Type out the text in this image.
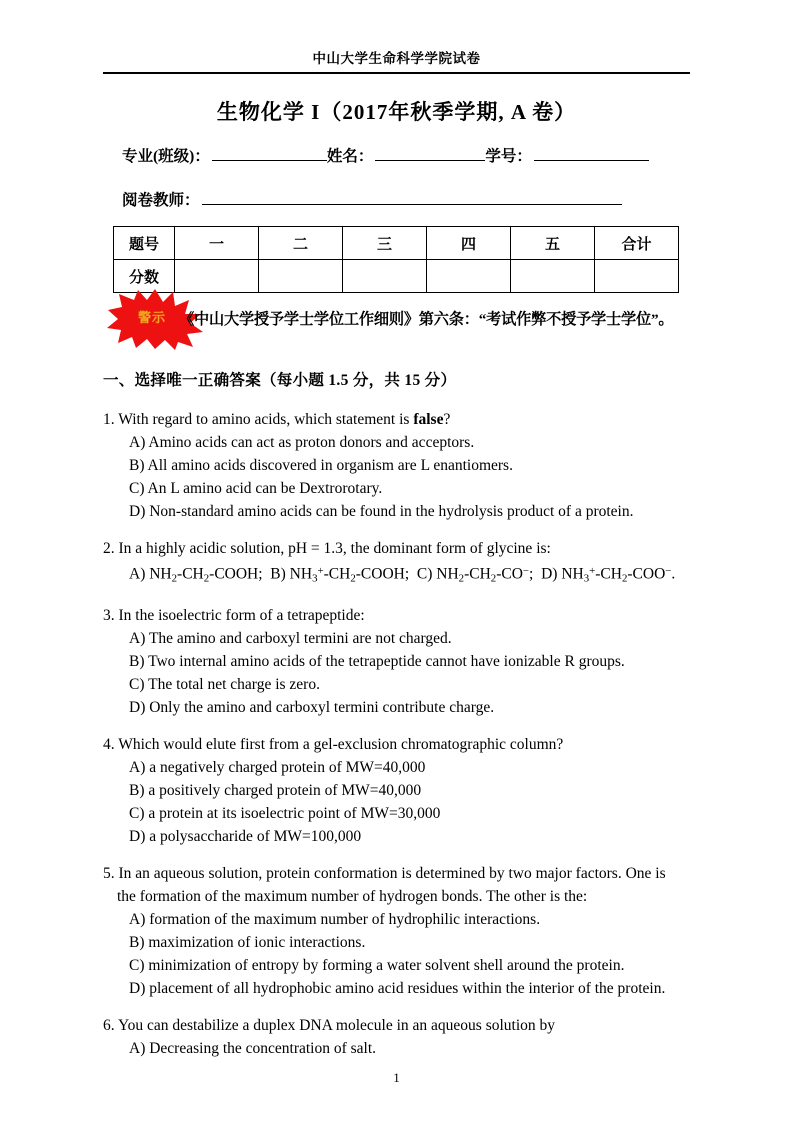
中山大学生命科学学院试卷
生物化学 I（2017年秋季学期, A 卷）
专业(班级)：	姓名：	学号：
阅卷教师：
题号	一	二	三	四	五	合计
分数						
警示 《中山大学授予学士学位工作细则》第六条：“考试作弊不授予学士学位”。
一、选择唯一正确答案（每小题 1.5 分，共 15 分）
1. With regard to amino acids, which statement is false?
A) Amino acids can act as proton donors and acceptors.
B) All amino acids discovered in organism are L enantiomers.
C) An L amino acid can be Dextrorotary.
D) Non-standard amino acids can be found in the hydrolysis product of a protein.
2. In a highly acidic solution, pH = 1.3, the dominant form of glycine is:
A) $NH_2-CH_2$-COOH;  B) $NH_3^+-CH_2$-COOH;  C) $NH_2-CH_2-CO^-$;  D) $NH_3^+-CH_2-COO^-$.
3. In the isoelectric form of a tetrapeptide:
A) The amino and carboxyl termini are not charged.
B) Two internal amino acids of the tetrapeptide cannot have ionizable R groups.
C) The total net charge is zero.
D) Only the amino and carboxyl termini contribute charge.
4. Which would elute first from a gel-exclusion chromatographic column?
A) a negatively charged protein of MW=40,000
B) a positively charged protein of MW=40,000
C) a protein at its isoelectric point of MW=30,000
D) a polysaccharide of MW=100,000
5. In an aqueous solution, protein conformation is determined by two major factors. One is
the formation of the maximum number of hydrogen bonds. The other is the:
A) formation of the maximum number of hydrophilic interactions.
B) maximization of ionic interactions.
C) minimization of entropy by forming a water solvent shell around the protein.
D) placement of all hydrophobic amino acid residues within the interior of the protein.
6. You can destabilize a duplex DNA molecule in an aqueous solution by
A) Decreasing the concentration of salt.
1
